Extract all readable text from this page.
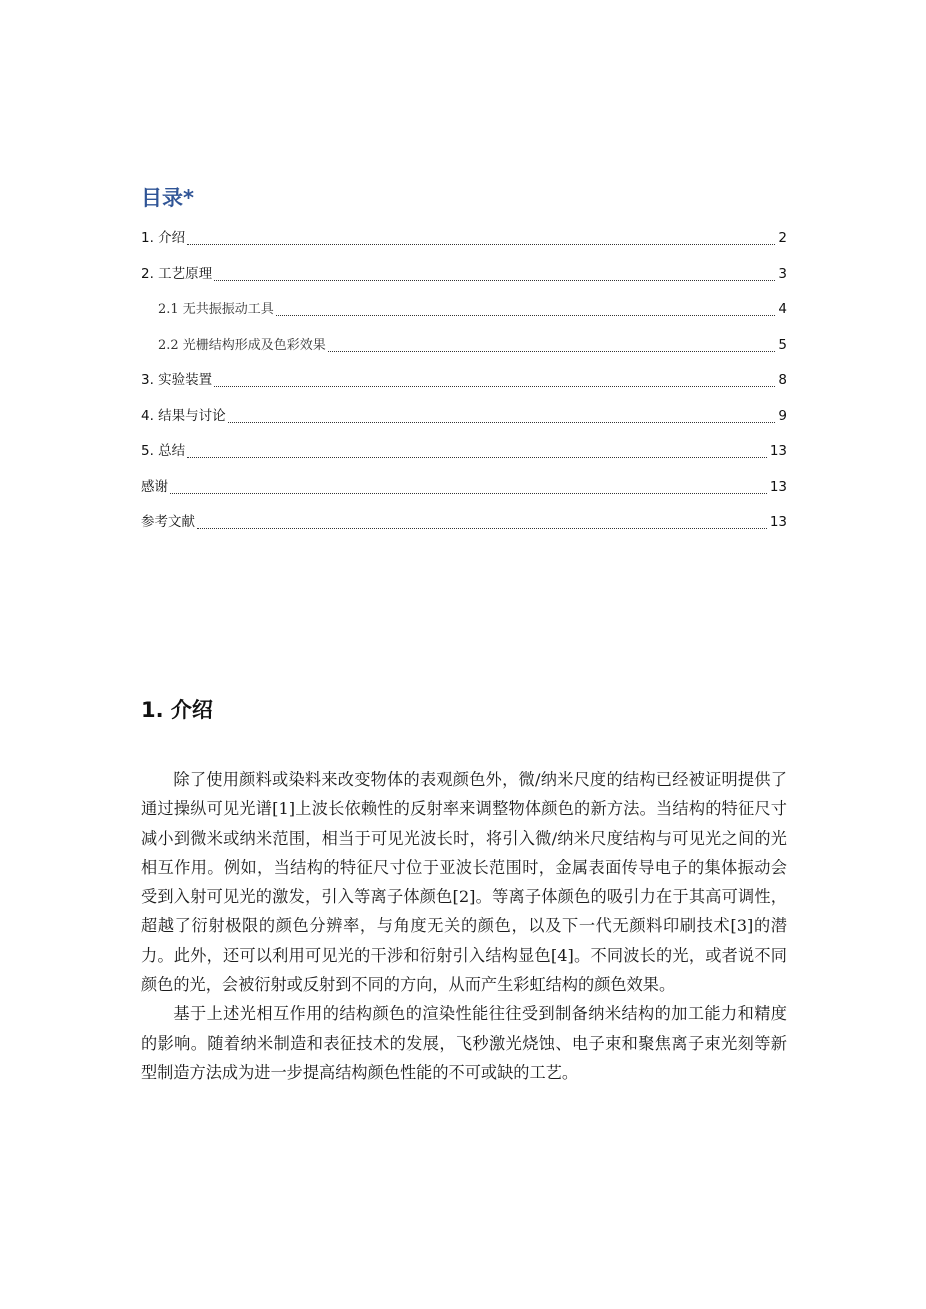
目录*
1. 介绍	2
2. 工艺原理	3
2.1 无共振振动工具	4
2.2 光栅结构形成及色彩效果	5
3. 实验装置	8
4. 结果与讨论	9
5. 总结	13
感谢	13
参考文献	13
1. 介绍

除了使用颜料或染料来改变物体的表观颜色外，微/纳米尺度的结构已经被证明提供了通过操纵可见光谱[1]上波长依赖性的反射率来调整物体颜色的新方法。当结构的特征尺寸减小到微米或纳米范围，相当于可见光波长时，将引入微/纳米尺度结构与可见光之间的光相互作用。例如，当结构的特征尺寸位于亚波长范围时，金属表面传导电子的集体振动会受到入射可见光的激发，引入等离子体颜色[2]。等离子体颜色的吸引力在于其高可调性，超越了衍射极限的颜色分辨率，与角度无关的颜色，以及下一代无颜料印刷技术[3]的潜力。此外，还可以利用可见光的干涉和衍射引入结构显色[4]。不同波长的光，或者说不同颜色的光，会被衍射或反射到不同的方向，从而产生彩虹结构的颜色效果。

基于上述光相互作用的结构颜色的渲染性能往往受到制备纳米结构的加工能力和精度的影响。随着纳米制造和表征技术的发展，飞秒激光烧蚀、电子束和聚焦离子束光刻等新型制造方法成为进一步提高结构颜色性能的不可或缺的工艺。
